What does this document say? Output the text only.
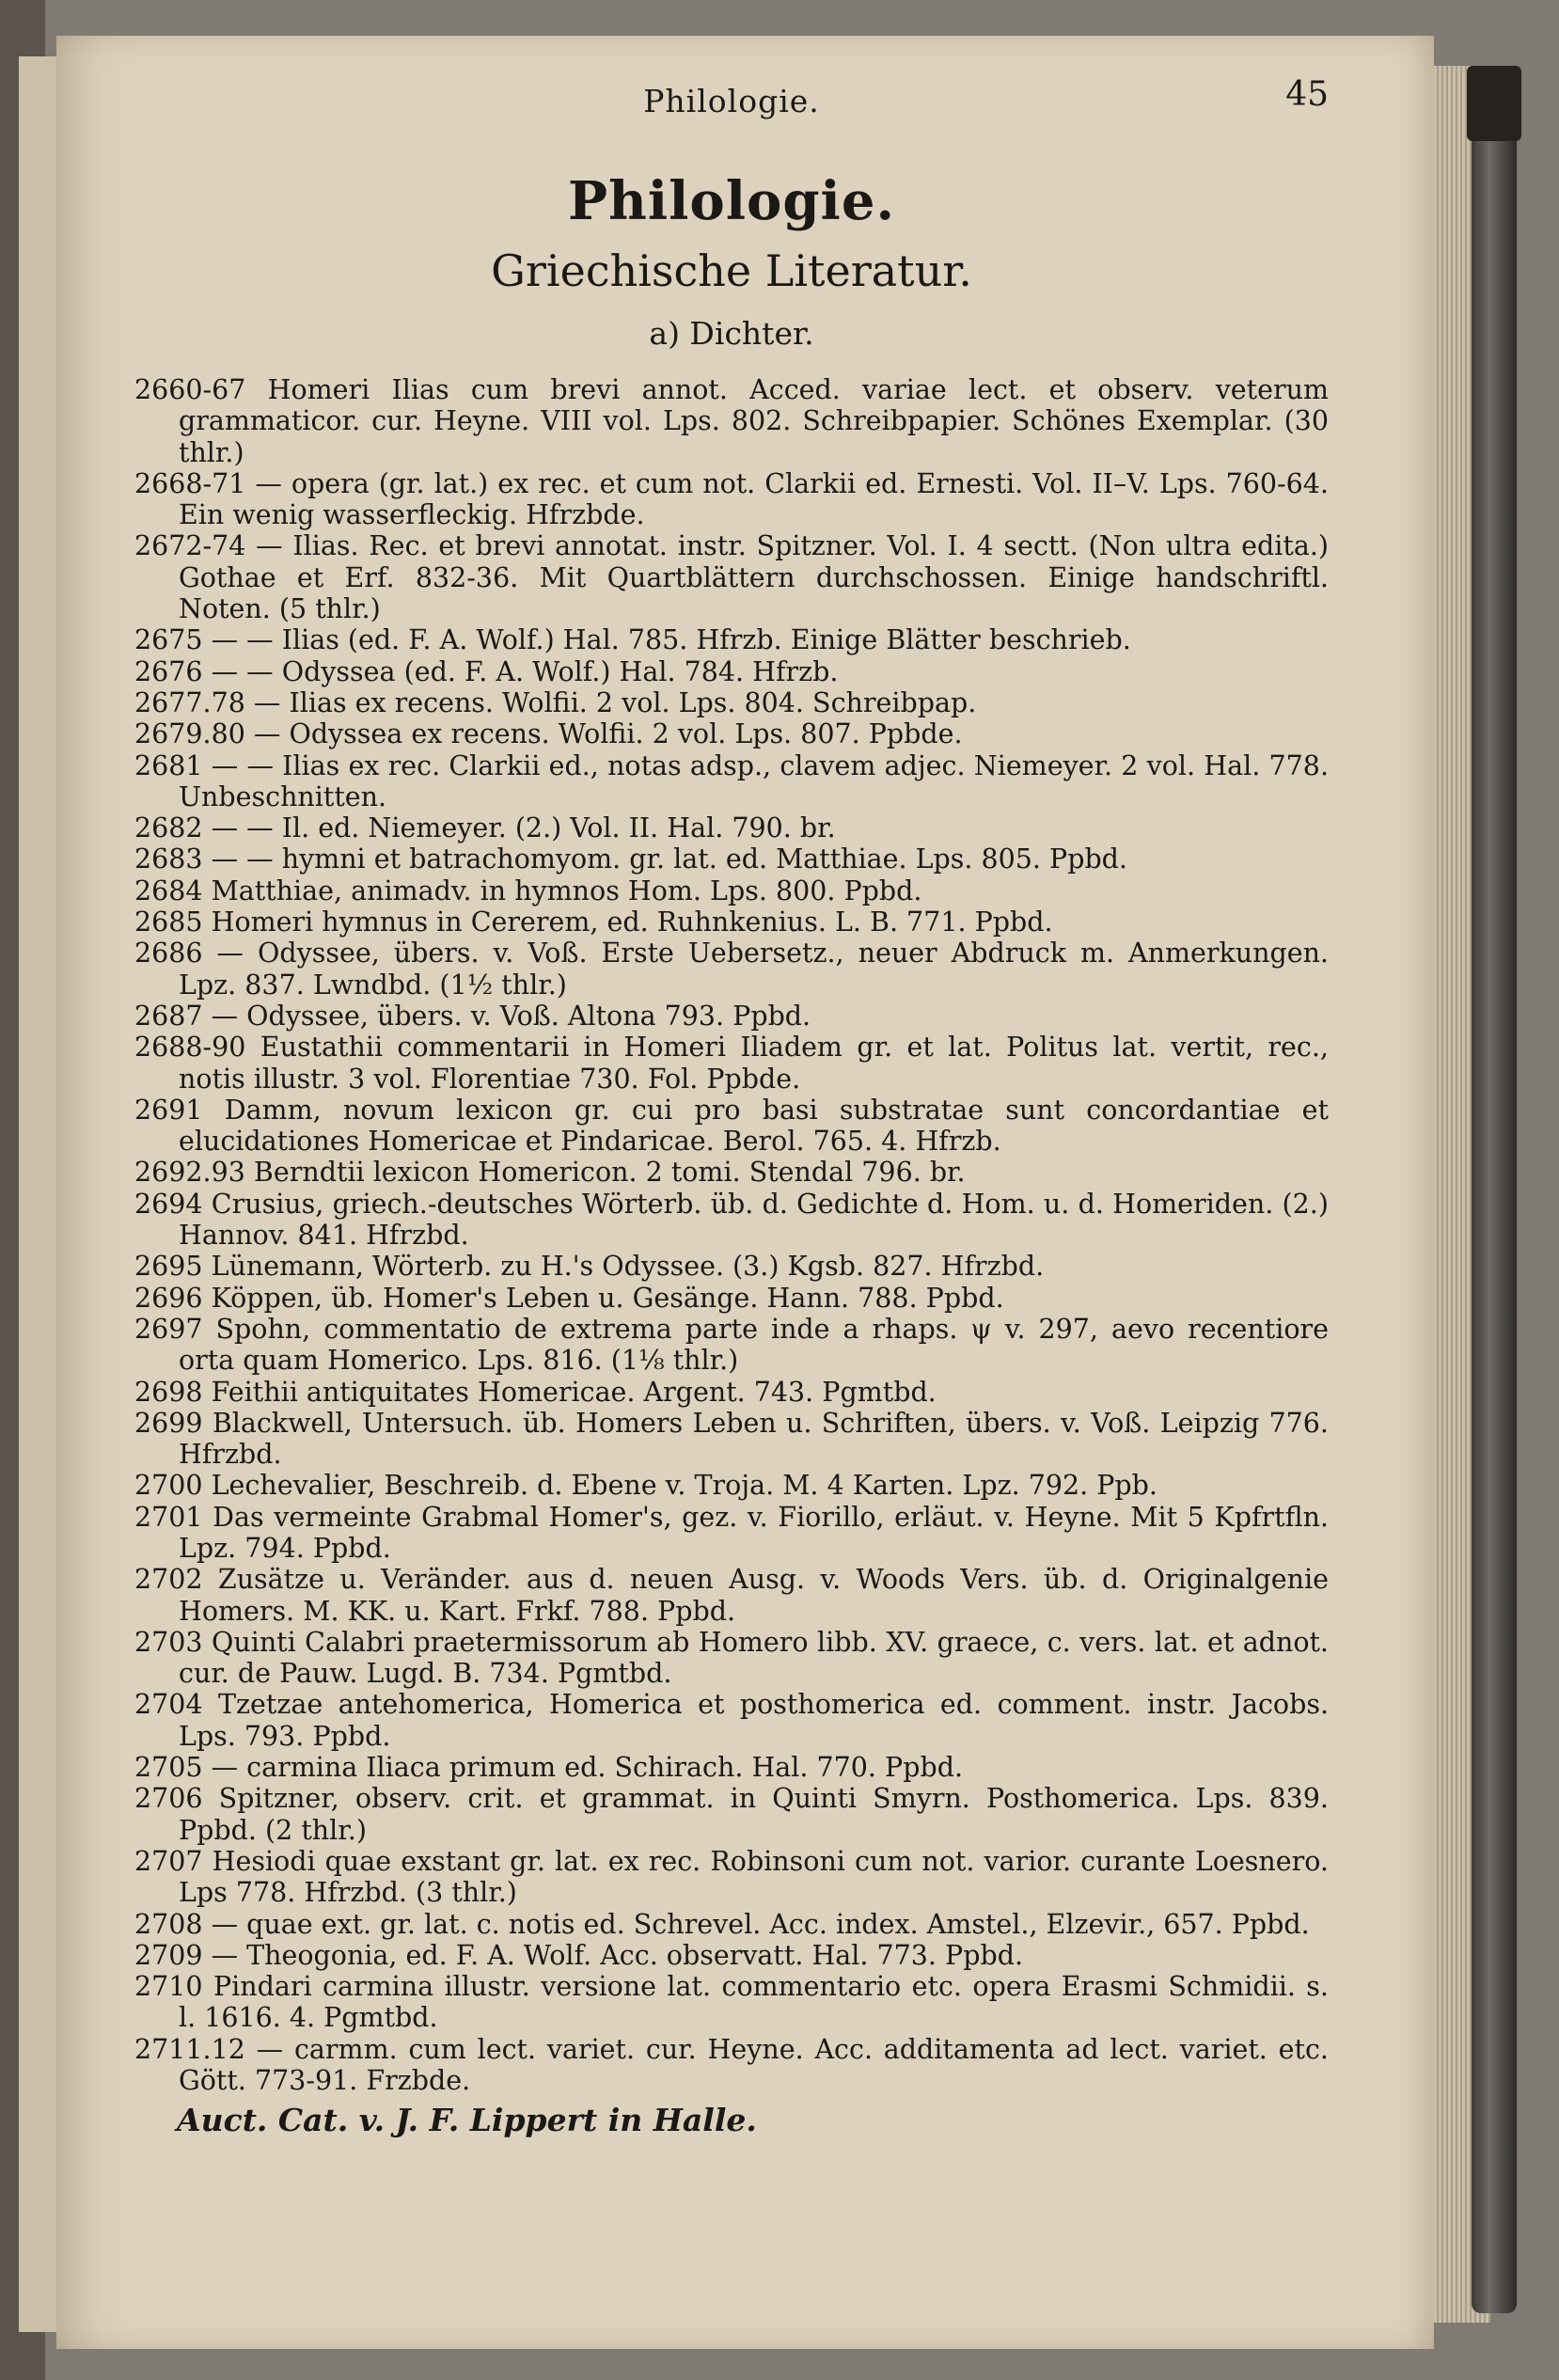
Philologie.	45
Philologie.
Griechische Literatur.
a) Dichter.
2660-67 Homeri Ilias cum brevi annot. Acced. variae lect. et observ. veterum grammaticor. cur. Heyne. VIII vol. Lps. 802. Schreibpapier. Schönes Exemplar. (30 thlr.)
2668-71 — opera (gr. lat.) ex rec. et cum not. Clarkii ed. Ernesti. Vol. II–V. Lps. 760-64. Ein wenig wasserfleckig. Hfrzbde.
2672-74 — Ilias. Rec. et brevi annotat. instr. Spitzner. Vol. I. 4 sectt. (Non ultra edita.) Gothae et Erf. 832-36. Mit Quartblättern durchschossen. Einige handschriftl. Noten. (5 thlr.)
2675 — — Ilias (ed. F. A. Wolf.) Hal. 785. Hfrzb. Einige Blätter beschrieb.
2676 — — Odyssea (ed. F. A. Wolf.) Hal. 784. Hfrzb.
2677.78 — Ilias ex recens. Wolfii. 2 vol. Lps. 804. Schreibpap.
2679.80 — Odyssea ex recens. Wolfii. 2 vol. Lps. 807. Ppbde.
2681 — — Ilias ex rec. Clarkii ed., notas adsp., clavem adjec. Niemeyer. 2 vol. Hal. 778. Unbeschnitten.
2682 — — Il. ed. Niemeyer. (2.) Vol. II. Hal. 790. br.
2683 — — hymni et batrachomyom. gr. lat. ed. Matthiae. Lps. 805. Ppbd.
2684 Matthiae, animadv. in hymnos Hom. Lps. 800. Ppbd.
2685 Homeri hymnus in Cererem, ed. Ruhnkenius. L. B. 771. Ppbd.
2686 — Odyssee, übers. v. Voß. Erste Uebersetz., neuer Abdruck m. Anmerkungen. Lpz. 837. Lwndbd. (1½ thlr.)
2687 — Odyssee, übers. v. Voß. Altona 793. Ppbd.
2688-90 Eustathii commentarii in Homeri Iliadem gr. et lat. Politus lat. vertit, rec., notis illustr. 3 vol. Florentiae 730. Fol. Ppbde.
2691 Damm, novum lexicon gr. cui pro basi substratae sunt concordantiae et elucidationes Homericae et Pindaricae. Berol. 765. 4. Hfrzb.
2692.93 Berndtii lexicon Homericon. 2 tomi. Stendal 796. br.
2694 Crusius, griech.-deutsches Wörterb. üb. d. Gedichte d. Hom. u. d. Homeriden. (2.) Hannov. 841. Hfrzbd.
2695 Lünemann, Wörterb. zu H.'s Odyssee. (3.) Kgsb. 827. Hfrzbd.
2696 Köppen, üb. Homer's Leben u. Gesänge. Hann. 788. Ppbd.
2697 Spohn, commentatio de extrema parte inde a rhaps. ψ v. 297, aevo recentiore orta quam Homerico. Lps. 816. (1⅛ thlr.)
2698 Feithii antiquitates Homericae. Argent. 743. Pgmtbd.
2699 Blackwell, Untersuch. üb. Homers Leben u. Schriften, übers. v. Voß. Leipzig 776. Hfrzbd.
2700 Lechevalier, Beschreib. d. Ebene v. Troja. M. 4 Karten. Lpz. 792. Ppb.
2701 Das vermeinte Grabmal Homer's, gez. v. Fiorillo, erläut. v. Heyne. Mit 5 Kpfrtfln. Lpz. 794. Ppbd.
2702 Zusätze u. Veränder. aus d. neuen Ausg. v. Woods Vers. üb. d. Originalgenie Homers. M. KK. u. Kart. Frkf. 788. Ppbd.
2703 Quinti Calabri praetermissorum ab Homero libb. XV. graece, c. vers. lat. et adnot. cur. de Pauw. Lugd. B. 734. Pgmtbd.
2704 Tzetzae antehomerica, Homerica et posthomerica ed. comment. instr. Jacobs. Lps. 793. Ppbd.
2705 — carmina Iliaca primum ed. Schirach. Hal. 770. Ppbd.
2706 Spitzner, observ. crit. et grammat. in Quinti Smyrn. Posthomerica. Lps. 839. Ppbd. (2 thlr.)
2707 Hesiodi quae exstant gr. lat. ex rec. Robinsoni cum not. varior. curante Loesnero. Lps 778. Hfrzbd. (3 thlr.)
2708 — quae ext. gr. lat. c. notis ed. Schrevel. Acc. index. Amstel., Elzevir., 657. Ppbd.
2709 — Theogonia, ed. F. A. Wolf. Acc. observatt. Hal. 773. Ppbd.
2710 Pindari carmina illustr. versione lat. commentario etc. opera Erasmi Schmidii. s. l. 1616. 4. Pgmtbd.
2711.12 — carmm. cum lect. variet. cur. Heyne. Acc. additamenta ad lect. variet. etc. Gött. 773-91. Frzbde.
Auct. Cat. v. J. F. Lippert in Halle.
